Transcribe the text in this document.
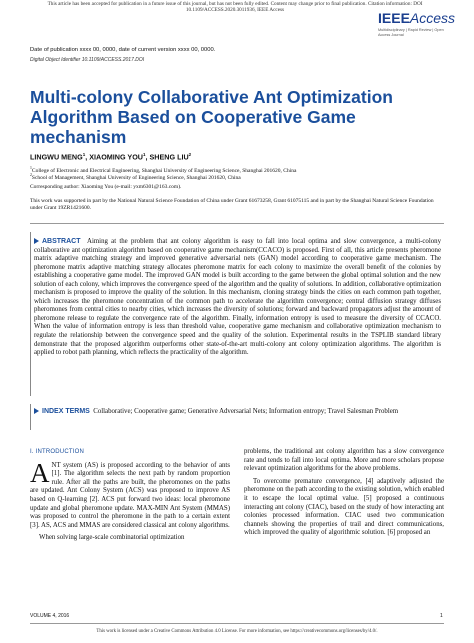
This article has been accepted for publication in a future issue of this journal, but has not been fully edited. Content may change prior to final publication. Citation information: DOI
10.1109/ACCESS.2020.3011936, IEEE Access	IEEEAccess
Multidisciplinary | Rapid Review | Open Access Journal
Date of publication xxxx 00, 0000, date of current version xxxx 00, 0000.
Digital Object Identifier 10.1109/ACCESS.2017.DOI
Multi-colony Collaborative Ant Optimization Algorithm Based on Cooperative Game mechanism
LINGWU MENG$^1$, XIAOMING YOU$^1$, SHENG LIU$^2$
$^1$College of Electronic and Electrical Engineering, Shanghai University of Engineering Science, Shanghai 201620, China
$^2$School of Management, Shanghai University of Engineering Science, Shanghai 201620, China
Corresponding author: Xiaoming You (e-mail: yxm6301@163.com).
This work was supported in part by the National Natural Science Foundation of China under Grant 61673258, Grant 61075115 and in part by the Shanghai Natural Science Foundation under Grant 19ZR1421600.
ABSTRACT Aiming at the problem that ant colony algorithm is easy to fall into local optima and slow convergence, a multi-colony collaborative ant optimization algorithm based on cooperative game mechanism(CCACO) is proposed. First of all, this article presents pheromone matrix adaptive matching strategy and improved generative adversarial nets (GAN) model according to cooperative game mechanism. The pheromone matrix adaptive matching strategy allocates pheromone matrix for each colony to maximize the overall benefit of the colonies by establishing a cooperative game model. The improved GAN model is built according to the game between the global optimal solution and the new solution of each colony, which improves the convergence speed of the algorithm and the quality of solutions. In addition, collaborative optimization mechanism is proposed to improve the quality of the solution. In this mechanism, cloning strategy binds the cities on each common path together, which increases the pheromone concentration of the common path to accelerate the algorithm convergence; central diffusion strategy diffuses pheromones from central cities to nearby cities, which increases the diversity of solutions; forward and backward propagators adjust the amount of pheromone release to regulate the convergence rate of the algorithm. Finally, information entropy is used to measure the diversity of CCACO. When the value of information entropy is less than threshold value, cooperative game mechanism and collaborative optimization mechanism to regulate the relationship between the convergence speed and the quality of the solution. Experimental results in the TSPLIB standard library demonstrate that the proposed algorithm outperforms other state-of-the-art multi-colony ant colony optimization algorithms. The algorithm is applied to robot path planning, which reflects the practicality of the algorithm.
INDEX TERMS Collaborative; Cooperative game; Generative Adversarial Nets; Information entropy; Travel Salesman Problem
I. INTRODUCTION

ANT system (AS) is proposed according to the behavior of ants [1]. The algorithm selects the next path by random proportion rule. After all the paths are built, the pheromones on the paths are updated. Ant Colony System (ACS) was proposed to improve AS based on Q-learning [2]. ACS put forward two ideas: local pheromone update and global pheromone update. MAX-MIN Ant System (MMAS) was proposed to control the pheromone in the path to a certain extent [3]. AS, ACS and MMAS are considered classical ant colony algorithms.

When solving large-scale combinatorial optimization

problems, the traditional ant colony algorithm has a slow convergence rate and tends to fall into local optima. More and more scholars propose relevant optimization algorithms for the above problems.

To overcome premature convergence, [4] adaptively adjusted the pheromone on the path according to the existing solution, which enabled it to escape the local optimal value. [5] proposed a continuous interacting ant colony (CIAC), based on the study of how interacting ant colonies processed information. CIAC used two communication channels showing the properties of trail and direct communications, which improved the quality of algorithmic solution. [6] proposed an

VOLUME 4, 2016	1
This work is licensed under a Creative Commons Attribution 4.0 License. For more information, see https://creativecommons.org/licenses/by/4.0/.
